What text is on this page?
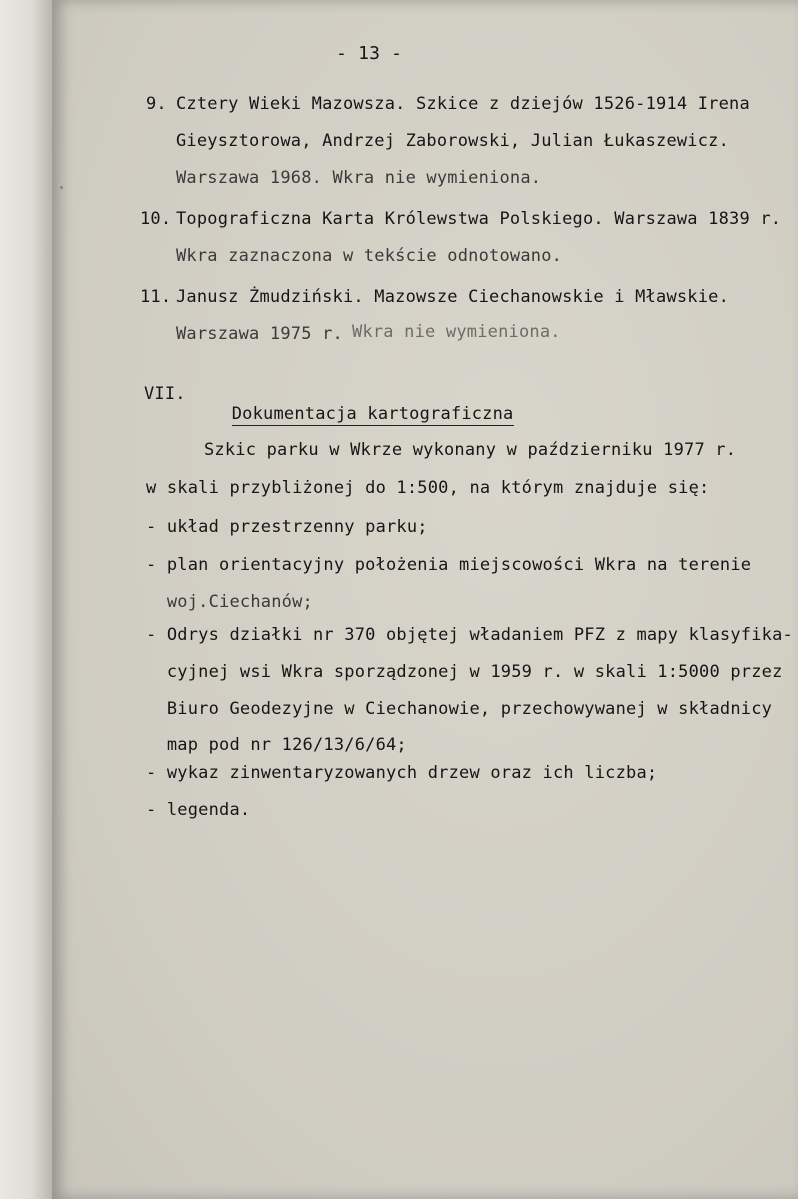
- 13 -
9. Cztery Wieki Mazowsza. Szkice z dziejów 1526-1914 Irena
Gieysztorowa, Andrzej Zaborowski, Julian Łukaszewicz.
Warszawa 1968. Wkra nie wymieniona.
10. Topograficzna Karta Królewstwa Polskiego. Warszawa 1839 r.
Wkra zaznaczona w tekście odnotowano.
11. Janusz Żmudziński. Mazowsze Ciechanowskie i Mławskie.
Warszawa 1975 r. Wkra nie wymieniona.
VII.

Dokumentacja kartograficzna

Szkic parku w Wkrze wykonany w październiku 1977 r.
w skali przybliżonej do 1:500, na którym znajduje się:
- układ przestrzenny parku;
- plan orientacyjny położenia miejscowości Wkra na terenie
woj.Ciechanów;
- Odrys działki nr 370 objętej władaniem PFZ z mapy klasyfika-
cyjnej wsi Wkra sporządzonej w 1959 r. w skali 1:5000 przez
Biuro Geodezyjne w Ciechanowie, przechowywanej w składnicy
map pod nr 126/13/6/64;
- wykaz zinwentaryzowanych drzew oraz ich liczba;
- legenda.
